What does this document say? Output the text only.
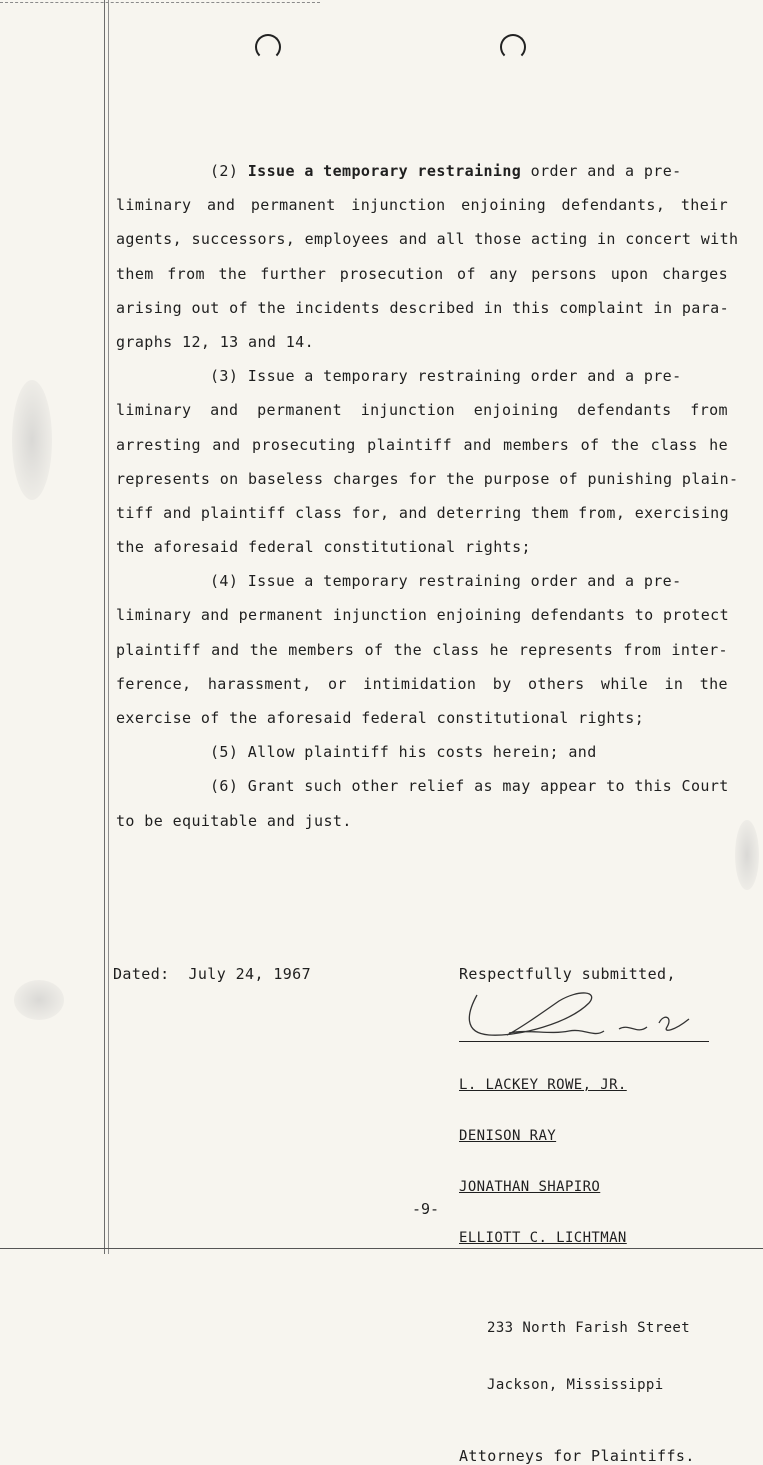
(2) Issue a temporary restraining order and a pre-
liminary and permanent injunction enjoining defendants, their
agents, successors, employees and all those acting in concert with
them from the further prosecution of any persons upon charges
arising out of the incidents described in this complaint in para-
graphs 12, 13 and 14.
(3) Issue a temporary restraining order and a pre-
liminary and permanent injunction enjoining defendants from
arresting and prosecuting plaintiff and members of the class he
represents on baseless charges for the purpose of punishing plain-
tiff and plaintiff class for, and deterring them from, exercising
the aforesaid federal constitutional rights;
(4) Issue a temporary restraining order and a pre-
liminary and permanent injunction enjoining defendants to protect
plaintiff and the members of the class he represents from inter-
ference, harassment, or intimidation by others while in the
exercise of the aforesaid federal constitutional rights;
(5) Allow plaintiff his costs herein; and
(6) Grant such other relief as may appear to this Court
to be equitable and just.
Dated:  July 24, 1967	Respectfully submitted,

L. LACKEY ROWE, JR.

DENISON RAY

JONATHAN SHAPIRO

ELLIOTT C. LICHTMAN

233 North Farish Street

Jackson, Mississippi

Attorneys for Plaintiffs.
-9-
